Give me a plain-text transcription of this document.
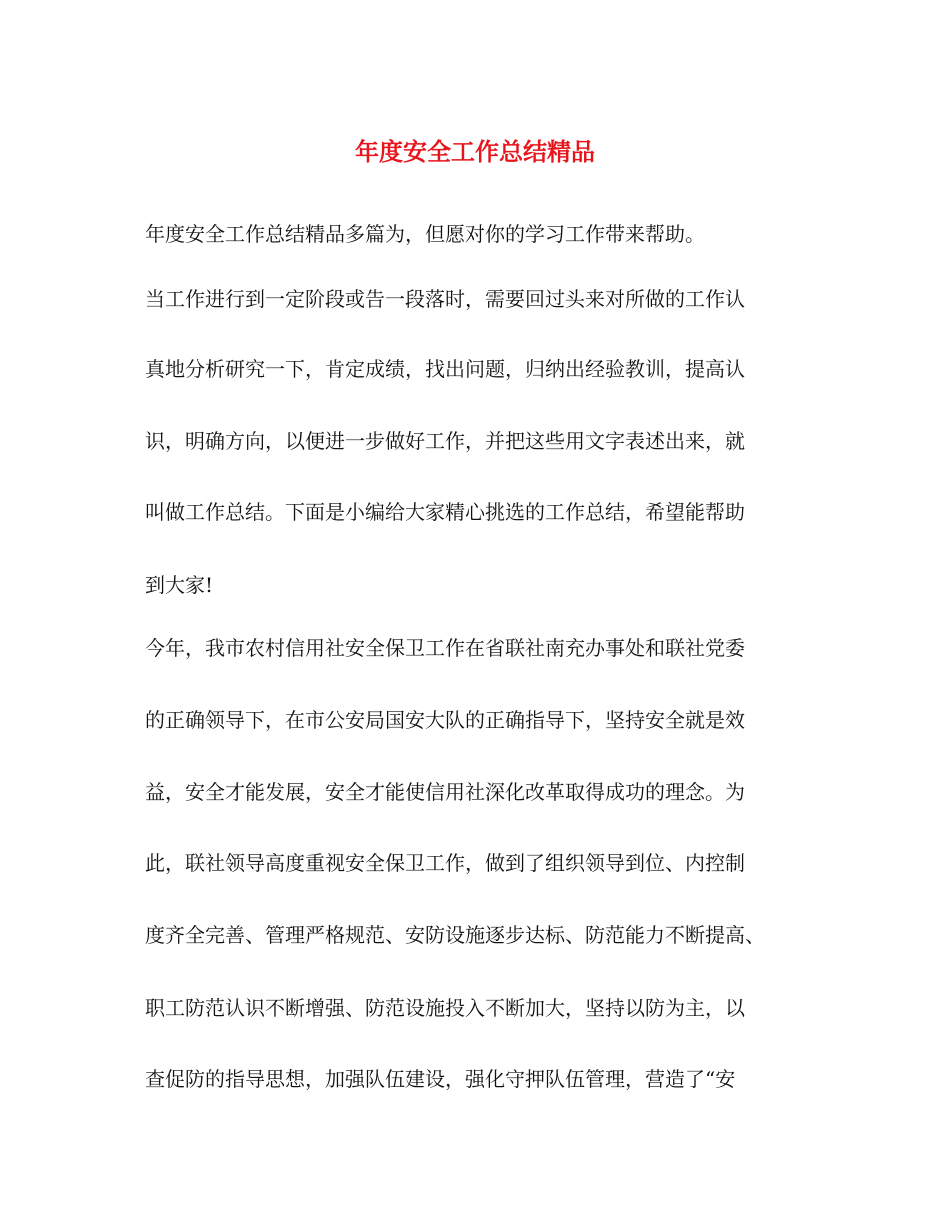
年度安全工作总结精品
年度安全工作总结精品多篇为，但愿对你的学习工作带来帮助。
当工作进行到一定阶段或告一段落时，需要回过头来对所做的工作认
真地分析研究一下，肯定成绩，找出问题，归纳出经验教训，提高认
识，明确方向，以便进一步做好工作，并把这些用文字表述出来，就
叫做工作总结。下面是小编给大家精心挑选的工作总结，希望能帮助
到大家!
今年，我市农村信用社安全保卫工作在省联社南充办事处和联社党委
的正确领导下，在市公安局国安大队的正确指导下，坚持安全就是效
益，安全才能发展，安全才能使信用社深化改革取得成功的理念。为
此，联社领导高度重视安全保卫工作，做到了组织领导到位、内控制
度齐全完善、管理严格规范、安防设施逐步达标、防范能力不断提高、
职工防范认识不断增强、防范设施投入不断加大，坚持以防为主，以
查促防的指导思想，加强队伍建设，强化守押队伍管理，营造了“安
